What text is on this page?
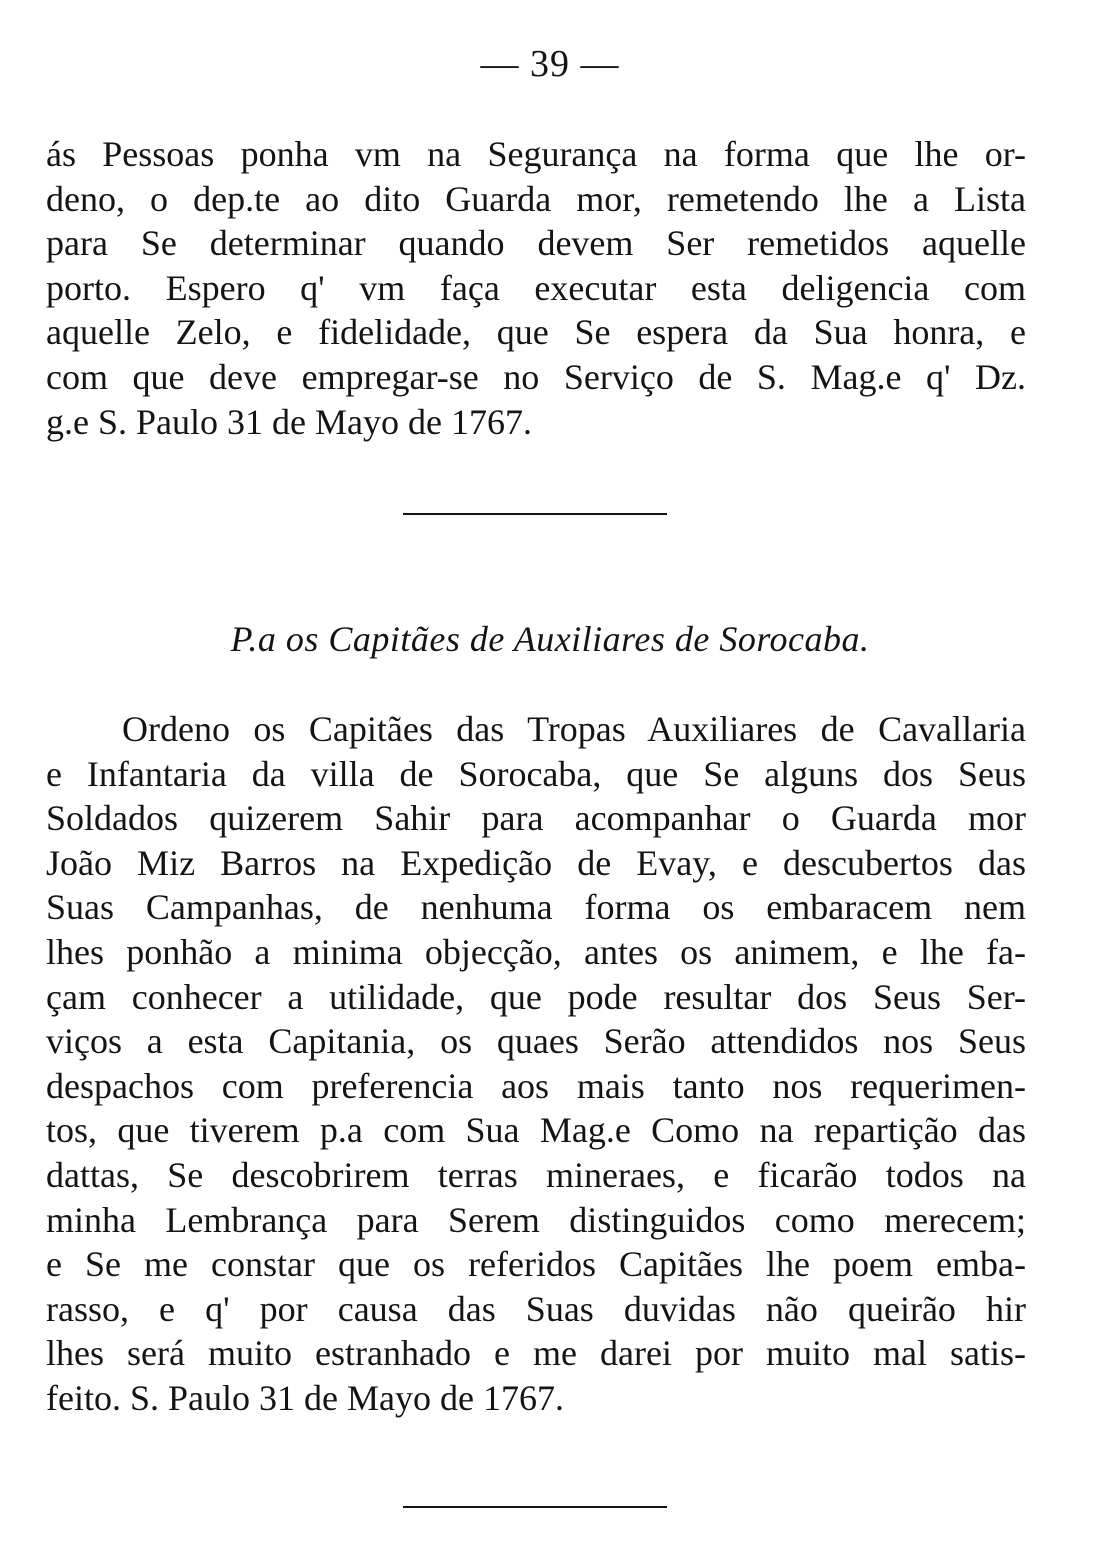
— 39 —
ás Pessoas ponha vm na Segurança na forma que lhe or-
deno, o dep.te ao dito Guarda mor, remetendo lhe a Lista
para Se determinar quando devem Ser remetidos aquelle
porto. Espero q' vm faça executar esta deligencia com
aquelle Zelo, e fidelidade, que Se espera da Sua honra, e
com que deve empregar-se no Serviço de S. Mag.e q' Dz.
g.e S. Paulo 31 de Mayo de 1767.
P.a os Capitães de Auxiliares de Sorocaba.
Ordeno os Capitães das Tropas Auxiliares de Cavallaria
e Infantaria da villa de Sorocaba, que Se alguns dos Seus
Soldados quizerem Sahir para acompanhar o Guarda mor
João Miz Barros na Expedição de Evay, e descubertos das
Suas Campanhas, de nenhuma forma os embaracem nem
lhes ponhão a minima objecção, antes os animem, e lhe fa-
çam conhecer a utilidade, que pode resultar dos Seus Ser-
viços a esta Capitania, os quaes Serão attendidos nos Seus
despachos com preferencia aos mais tanto nos requerimen-
tos, que tiverem p.a com Sua Mag.e Como na repartição das
dattas, Se descobrirem terras mineraes, e ficarão todos na
minha Lembrança para Serem distinguidos como merecem;
e Se me constar que os referidos Capitães lhe poem emba-
rasso, e q' por causa das Suas duvidas não queirão hir
lhes será muito estranhado e me darei por muito mal satis-
feito. S. Paulo 31 de Mayo de 1767.
